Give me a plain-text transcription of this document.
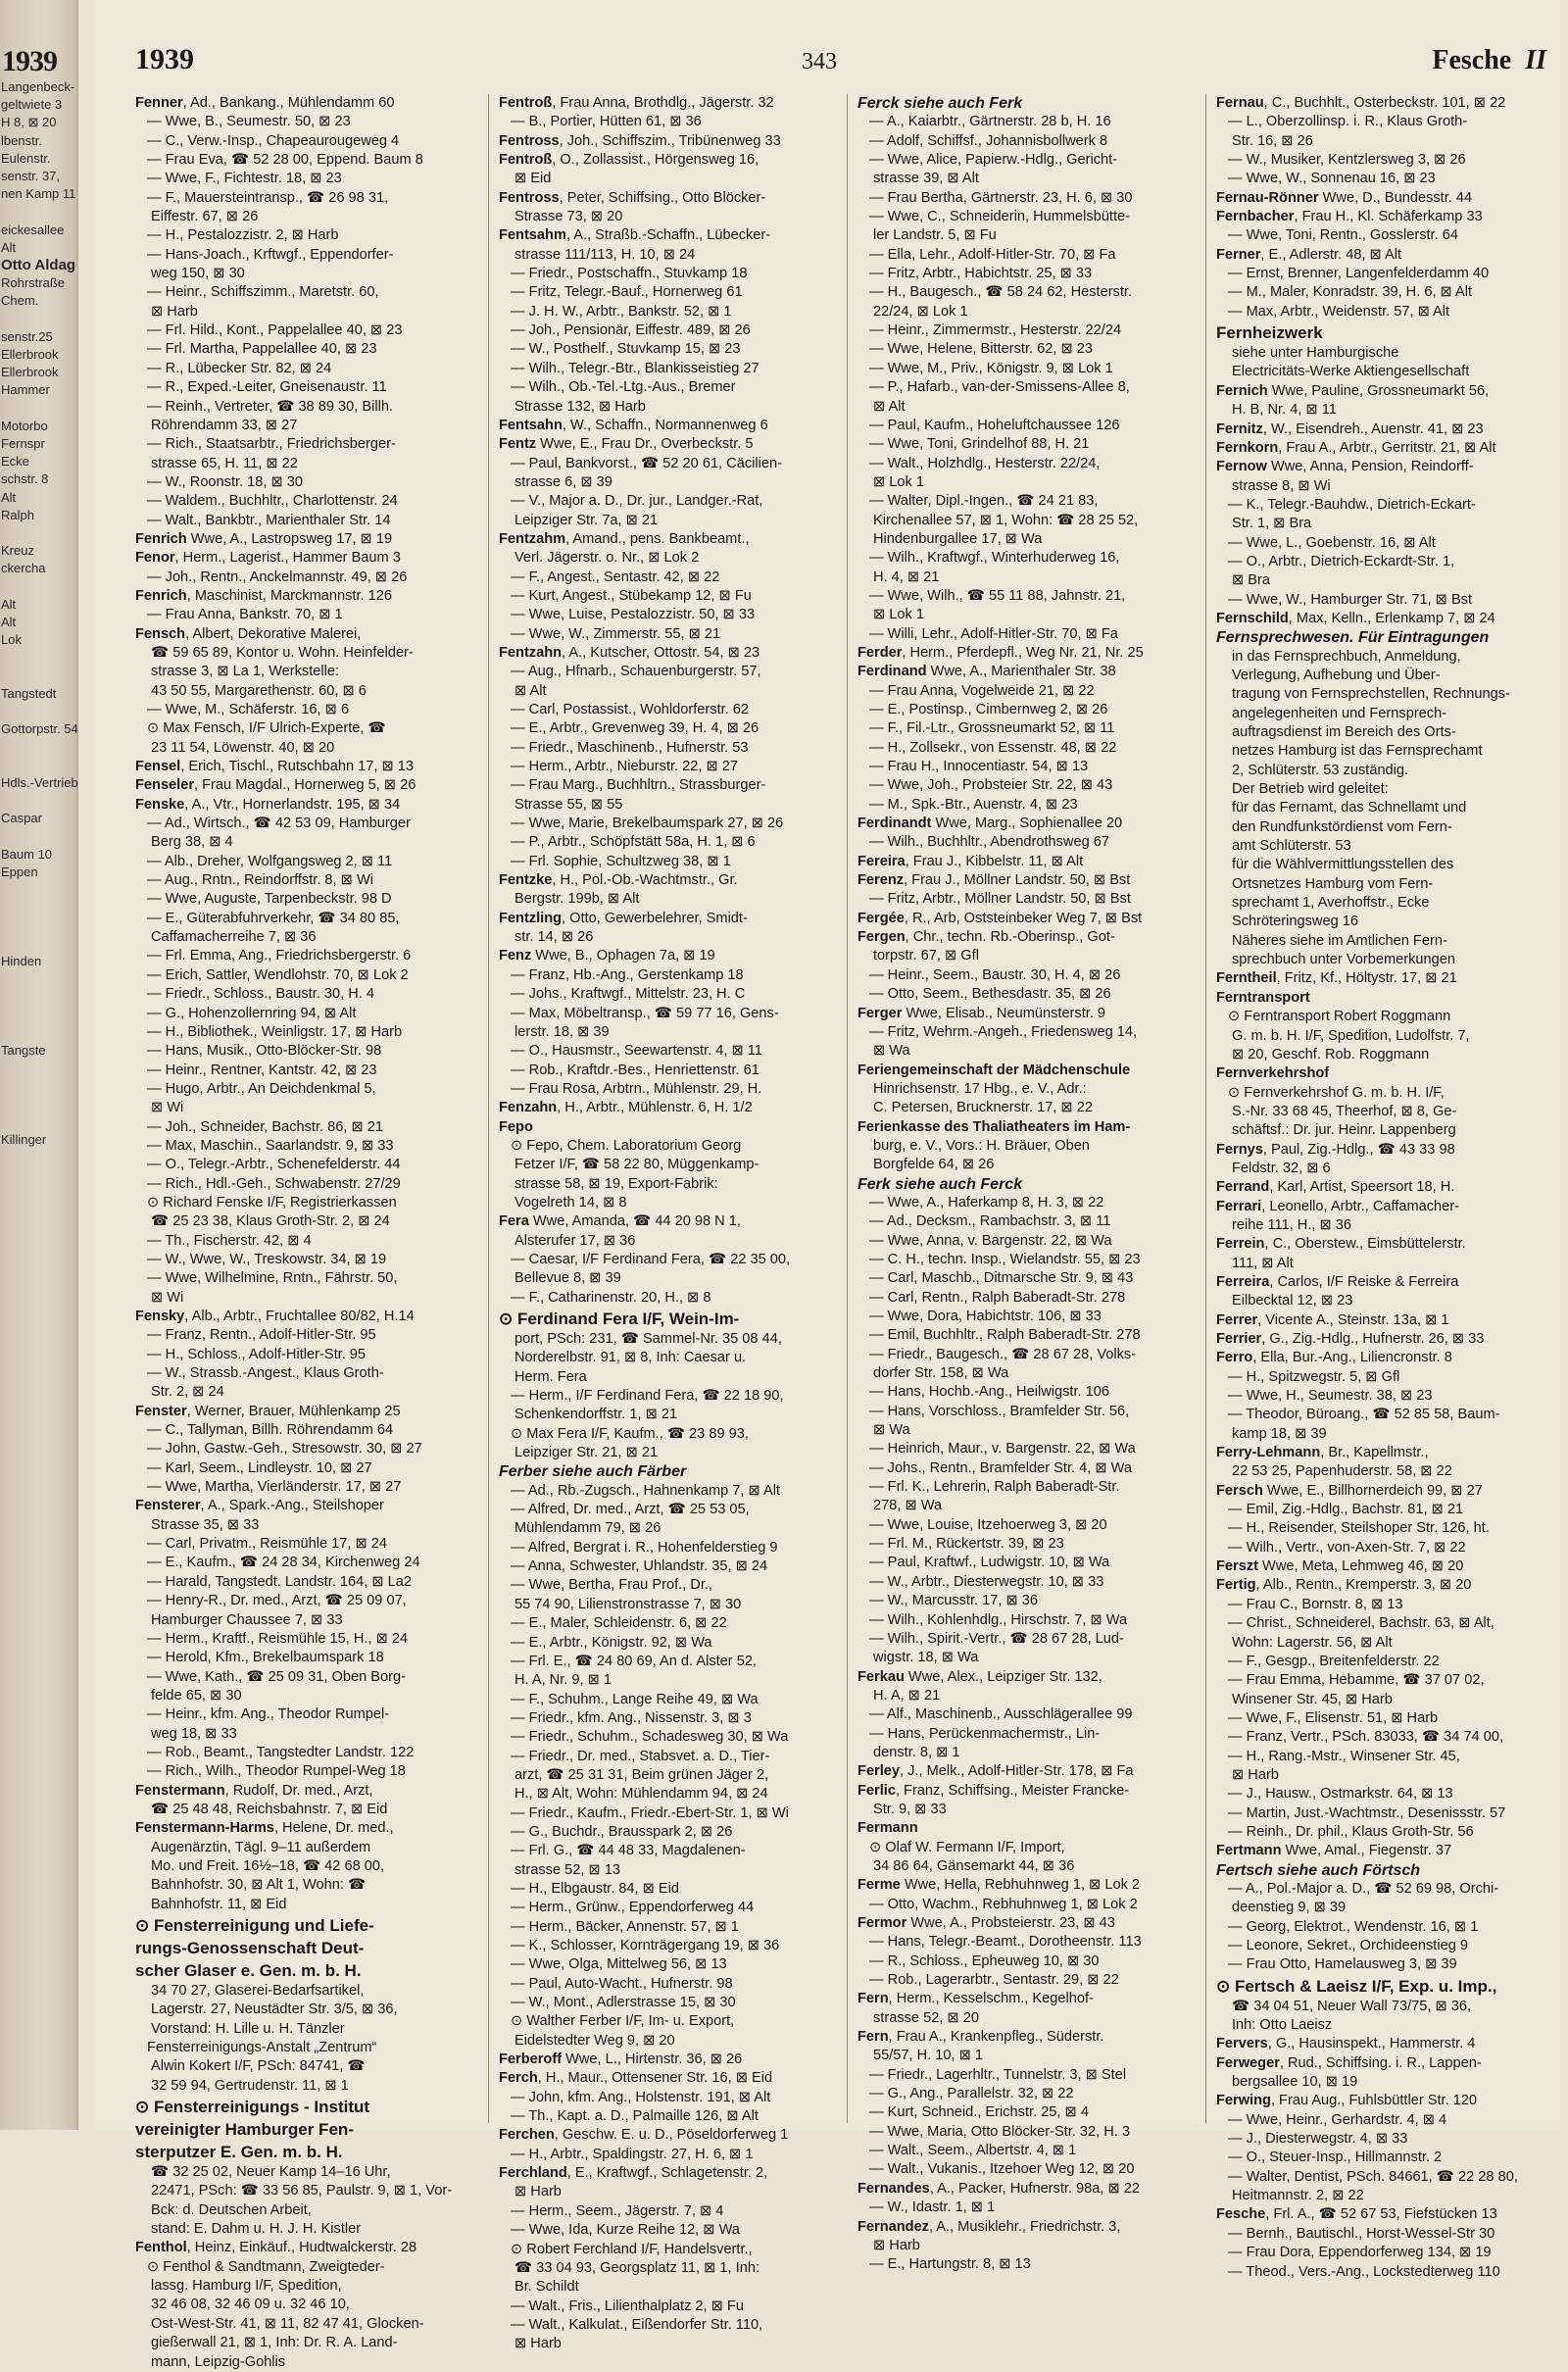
1939
Langenbeck-
geltwiete 3
H 8, ⊠ 20
lbenstr.
Eulenstr.
senstr. 37,
nen Kamp 11

eickesallee
Alt
Otto Aldag
Rohrstraße
Chem.

senstr.25
Ellerbrook
Ellerbrook
Hammer

Motorbo
Fernspr
Ecke
schstr. 8
Alt
Ralph

Kreuz
ckercha

Alt
Alt
Lok

Tangstedt

Gottorpstr. 54

Hdls.-Vertrieb

Caspar

Baum 10
Eppen

Hinden

Tangste

Killinger
1939	343	Fesche II
Fenner, Ad., Bankang., Mühlendamm 60
— Wwe, B., Seumestr. 50, ⊠ 23
— C., Verw.-Insp., Chapeaurougeweg 4
— Frau Eva, ☎ 52 28 00, Eppend. Baum 8
— Wwe, F., Fichtestr. 18, ⊠ 23
— F., Mauersteintransp., ☎ 26 98 31,
Eiffestr. 67, ⊠ 26
— H., Pestalozzistr. 2, ⊠ Harb
— Hans-Joach., Krftwgf., Eppendorfer-
weg 150, ⊠ 30
— Heinr., Schiffszimm., Maretstr. 60,
⊠ Harb
— Frl. Hild., Kont., Pappelallee 40, ⊠ 23
— Frl. Martha, Pappelallee 40, ⊠ 23
— R., Lübecker Str. 82, ⊠ 24
— R., Exped.-Leiter, Gneisenaustr. 11
— Reinh., Vertreter, ☎ 38 89 30, Billh.
Röhrendamm 33, ⊠ 27
— Rich., Staatsarbtr., Friedrichsberger-
strasse 65, H. 11, ⊠ 22
— W., Roonstr. 18, ⊠ 30
— Waldem., Buchhltr., Charlottenstr. 24
— Walt., Bankbtr., Marienthaler Str. 14
Fenrich Wwe, A., Lastropsweg 17, ⊠ 19
Fenor, Herm., Lagerist., Hammer Baum 3
— Joh., Rentn., Anckelmannstr. 49, ⊠ 26
Fenrich, Maschinist, Marckmannstr. 126
— Frau Anna, Bankstr. 70, ⊠ 1
Fensch, Albert, Dekorative Malerei,
☎ 59 65 89, Kontor u. Wohn. Heinfelder-
strasse 3, ⊠ La 1, Werkstelle:
43 50 55, Margarethenstr. 60, ⊠ 6
— Wwe, M., Schäferstr. 16, ⊠ 6
⊙ Max Fensch, I/F Ulrich-Experte, ☎
23 11 54, Löwenstr. 40, ⊠ 20
Fensel, Erich, Tischl., Rutschbahn 17, ⊠ 13
Fenseler, Frau Magdal., Hornerweg 5, ⊠ 26
Fenske, A., Vtr., Hornerlandstr. 195, ⊠ 34
— Ad., Wirtsch., ☎ 42 53 09, Hamburger
Berg 38, ⊠ 4
— Alb., Dreher, Wolfgangsweg 2, ⊠ 11
— Aug., Rntn., Reindorffstr. 8, ⊠ Wi
— Wwe, Auguste, Tarpenbeckstr. 98 D
— E., Güterabfuhrverkehr, ☎ 34 80 85,
Caffamacherreihe 7, ⊠ 36
— Frl. Emma, Ang., Friedrichsbergerstr. 6
— Erich, Sattler, Wendlohstr. 70, ⊠ Lok 2
— Friedr., Schloss., Baustr. 30, H. 4
— G., Hohenzollernring 94, ⊠ Alt
— H., Bibliothek., Weinligstr. 17, ⊠ Harb
— Hans, Musik., Otto-Blöcker-Str. 98
— Heinr., Rentner, Kantstr. 42, ⊠ 23
— Hugo, Arbtr., An Deichdenkmal 5,
⊠ Wi
— Joh., Schneider, Bachstr. 86, ⊠ 21
— Max, Maschin., Saarlandstr. 9, ⊠ 33
— O., Telegr.-Arbtr., Schenefelderstr. 44
— Rich., Hdl.-Geh., Schwabenstr. 27/29
⊙ Richard Fenske I/F, Registrierkassen
☎ 25 23 38, Klaus Groth-Str. 2, ⊠ 24
— Th., Fischerstr. 42, ⊠ 4
— W., Wwe, W., Treskowstr. 34, ⊠ 19
— Wwe, Wilhelmine, Rntn., Fährstr. 50,
⊠ Wi
Fensky, Alb., Arbtr., Fruchtallee 80/82, H.14
— Franz, Rentn., Adolf-Hitler-Str. 95
— H., Schloss., Adolf-Hitler-Str. 95
— W., Strassb.-Angest., Klaus Groth-
Str. 2, ⊠ 24
Fenster, Werner, Brauer, Mühlenkamp 25
— C., Tallyman, Billh. Röhrendamm 64
— John, Gastw.-Geh., Stresowstr. 30, ⊠ 27
— Karl, Seem., Lindleystr. 10, ⊠ 27
— Wwe, Martha, Vierländerstr. 17, ⊠ 27
Fensterer, A., Spark.-Ang., Steilshoper
Strasse 35, ⊠ 33
— Carl, Privatm., Reismühle 17, ⊠ 24
— E., Kaufm., ☎ 24 28 34, Kirchenweg 24
— Harald, Tangstedt. Landstr. 164, ⊠ La2
— Henry-R., Dr. med., Arzt, ☎ 25 09 07,
Hamburger Chaussee 7, ⊠ 33
— Herm., Kraftf., Reismühle 15, H., ⊠ 24
— Herold, Kfm., Brekelbaumspark 18
— Wwe, Kath., ☎ 25 09 31, Oben Borg-
felde 65, ⊠ 30
— Heinr., kfm. Ang., Theodor Rumpel-
weg 18, ⊠ 33
— Rob., Beamt., Tangstedter Landstr. 122
— Rich., Wilh., Theodor Rumpel-Weg 18
Fenstermann, Rudolf, Dr. med., Arzt,
☎ 25 48 48, Reichsbahnstr. 7, ⊠ Eid
Fenstermann-Harms, Helene, Dr. med.,
Augenärztin, Tägl. 9–11 außerdem
Mo. und Freit. 16½–18, ☎ 42 68 00,
Bahnhofstr. 30, ⊠ Alt 1, Wohn: ☎
Bahnhofstr. 11, ⊠ Eid
⊙ Fensterreinigung und Liefe-
rungs-Genossenschaft Deut-
scher Glaser e. Gen. m. b. H.
34 70 27, Glaserei-Bedarfsartikel,
Lagerstr. 27, Neustädter Str. 3/5, ⊠ 36,
Vorstand: H. Lille u. H. Tänzler
Fensterreinigungs-Anstalt „Zentrum“
Alwin Kokert I/F, PSch: 84741, ☎
32 59 94, Gertrudenstr. 11, ⊠ 1
⊙ Fensterreinigungs - Institut
vereinigter Hamburger Fen-
sterputzer E. Gen. m. b. H.
☎ 32 25 02, Neuer Kamp 14–16 Uhr,
22471, PSch: ☎ 33 56 85, Paulstr. 9, ⊠ 1, Vor-
Bck: d. Deutschen Arbeit,
stand: E. Dahm u. H. J. H. Kistler
Fenthol, Heinz, Einkäuf., Hudtwalckerstr. 28
⊙ Fenthol & Sandtmann, Zweigteder-
lassg. Hamburg I/F, Spedition,
32 46 08, 32 46 09 u. 32 46 10,
Ost-West-Str. 41, ⊠ 11, 82 47 41, Glocken-
gießerwall 21, ⊠ 1, Inh: Dr. R. A. Land-
mann, Leipzig-Gohlis
Fentroß, Frau Anna, Brothdlg., Jägerstr. 32
— B., Portier, Hütten 61, ⊠ 36
Fentross, Joh., Schiffszim., Tribünenweg 33
Fentroß, O., Zollassist., Hörgensweg 16,
⊠ Eid
Fentross, Peter, Schiffsing., Otto Blöcker-
Strasse 73, ⊠ 20
Fentsahm, A., Straßb.-Schaffn., Lübecker-
strasse 111/113, H. 10, ⊠ 24
— Friedr., Postschaffn., Stuvkamp 18
— Fritz, Telegr.-Bauf., Hornerweg 61
— J. H. W., Arbtr., Bankstr. 52, ⊠ 1
— Joh., Pensionär, Eiffestr. 489, ⊠ 26
— W., Posthelf., Stuvkamp 15, ⊠ 23
— Wilh., Telegr.-Btr., Blankisseistieg 27
— Wilh., Ob.-Tel.-Ltg.-Aus., Bremer
Strasse 132, ⊠ Harb
Fentsahn, W., Schaffn., Normannenweg 6
Fentz Wwe, E., Frau Dr., Overbeckstr. 5
— Paul, Bankvorst., ☎ 52 20 61, Cäcilien-
strasse 6, ⊠ 39
— V., Major a. D., Dr. jur., Landger.-Rat,
Leipziger Str. 7a, ⊠ 21
Fentzahm, Amand., pens. Bankbeamt.,
Verl. Jägerstr. o. Nr., ⊠ Lok 2
— F., Angest., Sentastr. 42, ⊠ 22
— Kurt, Angest., Stübekamp 12, ⊠ Fu
— Wwe, Luise, Pestalozzistr. 50, ⊠ 33
— Wwe, W., Zimmerstr. 55, ⊠ 21
Fentzahn, A., Kutscher, Ottostr. 54, ⊠ 23
— Aug., Hfnarb., Schauenburgerstr. 57,
⊠ Alt
— Carl, Postassist., Wohldorferstr. 62
— E., Arbtr., Grevenweg 39, H. 4, ⊠ 26
— Friedr., Maschinenb., Hufnerstr. 53
— Herm., Arbtr., Nieburstr. 22, ⊠ 27
— Frau Marg., Buchhltrn., Strassburger-
Strasse 55, ⊠ 55
— Wwe, Marie, Brekelbaumspark 27, ⊠ 26
— P., Arbtr., Schöpfstätt 58a, H. 1, ⊠ 6
— Frl. Sophie, Schultzweg 38, ⊠ 1
Fentzke, H., Pol.-Ob.-Wachtmstr., Gr.
Bergstr. 199b, ⊠ Alt
Fentzling, Otto, Gewerbelehrer, Smidt-
str. 14, ⊠ 26
Fenz Wwe, B., Ophagen 7a, ⊠ 19
— Franz, Hb.-Ang., Gerstenkamp 18
— Johs., Kraftwgf., Mittelstr. 23, H. C
— Max, Möbeltransp., ☎ 59 77 16, Gens-
lerstr. 18, ⊠ 39
— O., Hausmstr., Seewartenstr. 4, ⊠ 11
— Rob., Kraftdr.-Bes., Henriettenstr. 61
— Frau Rosa, Arbtrn., Mühlenstr. 29, H.
Fenzahn, H., Arbtr., Mühlenstr. 6, H. 1/2
Fepo
⊙ Fepo, Chem. Laboratorium Georg
Fetzer I/F, ☎ 58 22 80, Müggenkamp-
strasse 58, ⊠ 19, Export-Fabrik:
Vogelreth 14, ⊠ 8
Fera Wwe, Amanda, ☎ 44 20 98 N 1,
Alsterufer 17, ⊠ 36
— Caesar, I/F Ferdinand Fera, ☎ 22 35 00,
Bellevue 8, ⊠ 39
— F., Catharinenstr. 20, H., ⊠ 8
⊙ Ferdinand Fera I/F, Wein-Im-
port, PSch: 231, ☎ Sammel-Nr. 35 08 44,
Norderelbstr. 91, ⊠ 8, Inh: Caesar u.
Herm. Fera
— Herm., I/F Ferdinand Fera, ☎ 22 18 90,
Schenkendorffstr. 1, ⊠ 21
⊙ Max Fera I/F, Kaufm., ☎ 23 89 93,
Leipziger Str. 21, ⊠ 21
Ferber siehe auch Färber
— Ad., Rb.-Zugsch., Hahnenkamp 7, ⊠ Alt
— Alfred, Dr. med., Arzt, ☎ 25 53 05,
Mühlendamm 79, ⊠ 26
— Alfred, Bergrat i. R., Hohenfelderstieg 9
— Anna, Schwester, Uhlandstr. 35, ⊠ 24
— Wwe, Bertha, Frau Prof., Dr.,
55 74 90, Lilienstronstrasse 7, ⊠ 30
— E., Maler, Schleidenstr. 6, ⊠ 22
— E., Arbtr., Königstr. 92, ⊠ Wa
— Frl. E., ☎ 24 80 69, An d. Alster 52,
H. A, Nr. 9, ⊠ 1
— F., Schuhm., Lange Reihe 49, ⊠ Wa
— Friedr., kfm. Ang., Nissenstr. 3, ⊠ 3
— Friedr., Schuhm., Schadesweg 30, ⊠ Wa
— Friedr., Dr. med., Stabsvet. a. D., Tier-
arzt, ☎ 25 31 31, Beim grünen Jäger 2,
H., ⊠ Alt, Wohn: Mühlendamm 94, ⊠ 24
— Friedr., Kaufm., Friedr.-Ebert-Str. 1, ⊠ Wi
— G., Buchdr., Brausspark 2, ⊠ 26
— Frl. G., ☎ 44 48 33, Magdalenen-
strasse 52, ⊠ 13
— H., Elbgaustr. 84, ⊠ Eid
— Herm., Grünw., Eppendorferweg 44
— Herm., Bäcker, Annenstr. 57, ⊠ 1
— K., Schlosser, Kornträgergang 19, ⊠ 36
— Wwe, Olga, Mittelweg 56, ⊠ 13
— Paul, Auto-Wacht., Hufnerstr. 98
— W., Mont., Adlerstrasse 15, ⊠ 30
⊙ Walther Ferber I/F, Im- u. Export,
Eidelstedter Weg 9, ⊠ 20
Ferberoff Wwe, L., Hirtenstr. 36, ⊠ 26
Ferch, H., Maur., Ottensener Str. 16, ⊠ Eid
— John, kfm. Ang., Holstenstr. 191, ⊠ Alt
— Th., Kapt. a. D., Palmaille 126, ⊠ Alt
Ferchen, Geschw. E. u. D., Pöseldorferweg 1
— H., Arbtr., Spaldingstr. 27, H. 6, ⊠ 1
Ferchland, E., Kraftwgf., Schlagetenstr. 2,
⊠ Harb
— Herm., Seem., Jägerstr. 7, ⊠ 4
— Wwe, Ida, Kurze Reihe 12, ⊠ Wa
⊙ Robert Ferchland I/F, Handelsvertr.,
☎ 33 04 93, Georgsplatz 11, ⊠ 1, Inh:
Br. Schildt
— Walt., Fris., Lilienthalplatz 2, ⊠ Fu
— Walt., Kalkulat., Eißendorfer Str. 110,
⊠ Harb
Ferck siehe auch Ferk
— A., Kaiarbtr., Gärtnerstr. 28 b, H. 16
— Adolf, Schiffsf., Johannisbollwerk 8
— Wwe, Alice, Papierw.-Hdlg., Gericht-
strasse 39, ⊠ Alt
— Frau Bertha, Gärtnerstr. 23, H. 6, ⊠ 30
— Wwe, C., Schneiderin, Hummelsbütte-
ler Landstr. 5, ⊠ Fu
— Ella, Lehr., Adolf-Hitler-Str. 70, ⊠ Fa
— Fritz, Arbtr., Habichtstr. 25, ⊠ 33
— H., Baugesch., ☎ 58 24 62, Hesterstr.
22/24, ⊠ Lok 1
— Heinr., Zimmermstr., Hesterstr. 22/24
— Wwe, Helene, Bitterstr. 62, ⊠ 23
— Wwe, M., Priv., Königstr. 9, ⊠ Lok 1
— P., Hafarb., van-der-Smissens-Allee 8,
⊠ Alt
— Paul, Kaufm., Hoheluftchaussee 126
— Wwe, Toni, Grindelhof 88, H. 21
— Walt., Holzhdlg., Hesterstr. 22/24,
⊠ Lok 1
— Walter, Dipl.-Ingen., ☎ 24 21 83,
Kirchenallee 57, ⊠ 1, Wohn: ☎ 28 25 52,
Hindenburgallee 17, ⊠ Wa
— Wilh., Kraftwgf., Winterhuderweg 16,
H. 4, ⊠ 21
— Wwe, Wilh., ☎ 55 11 88, Jahnstr. 21,
⊠ Lok 1
— Willi, Lehr., Adolf-Hitler-Str. 70, ⊠ Fa
Ferder, Herm., Pferdepfl., Weg Nr. 21, Nr. 25
Ferdinand Wwe, A., Marienthaler Str. 38
— Frau Anna, Vogelweide 21, ⊠ 22
— E., Postinsp., Cimbernweg 2, ⊠ 26
— F., Fil.-Ltr., Grossneumarkt 52, ⊠ 11
— H., Zollsekr., von Essenstr. 48, ⊠ 22
— Frau H., Innocentiastr. 54, ⊠ 13
— Wwe, Joh., Probsteier Str. 22, ⊠ 43
— M., Spk.-Btr., Auenstr. 4, ⊠ 23
Ferdinandt Wwe, Marg., Sophienallee 20
— Wilh., Buchhltr., Abendrothsweg 67
Fereira, Frau J., Kibbelstr. 11, ⊠ Alt
Ferenz, Frau J., Möllner Landstr. 50, ⊠ Bst
— Fritz, Arbtr., Möllner Landstr. 50, ⊠ Bst
Fergée, R., Arb, Oststeinbeker Weg 7, ⊠ Bst
Fergen, Chr., techn. Rb.-Oberinsp., Got-
torpstr. 67, ⊠ Gfl
— Heinr., Seem., Baustr. 30, H. 4, ⊠ 26
— Otto, Seem., Bethesdastr. 35, ⊠ 26
Ferger Wwe, Elisab., Neumünsterstr. 9
— Fritz, Wehrm.-Angeh., Friedensweg 14,
⊠ Wa
Feriengemeinschaft der Mädchenschule
Hinrichsenstr. 17 Hbg., e. V., Adr.:
C. Petersen, Brucknerstr. 17, ⊠ 22
Ferienkasse des Thaliatheaters im Ham-
burg, e. V., Vors.: H. Bräuer, Oben
Borgfelde 64, ⊠ 26
Ferk siehe auch Ferck
— Wwe, A., Haferkamp 8, H. 3, ⊠ 22
— Ad., Decksm., Rambachstr. 3, ⊠ 11
— Wwe, Anna, v. Bargenstr. 22, ⊠ Wa
— C. H., techn. Insp., Wielandstr. 55, ⊠ 23
— Carl, Maschb., Ditmarsche Str. 9, ⊠ 43
— Carl, Rentn., Ralph Baberadt-Str. 278
— Wwe, Dora, Habichtstr. 106, ⊠ 33
— Emil, Buchhltr., Ralph Baberadt-Str. 278
— Friedr., Baugesch., ☎ 28 67 28, Volks-
dorfer Str. 158, ⊠ Wa
— Hans, Hochb.-Ang., Heilwigstr. 106
— Hans, Vorschloss., Bramfelder Str. 56,
⊠ Wa
— Heinrich, Maur., v. Bargenstr. 22, ⊠ Wa
— Johs., Rentn., Bramfelder Str. 4, ⊠ Wa
— Frl. K., Lehrerin, Ralph Baberadt-Str.
278, ⊠ Wa
— Wwe, Louise, Itzehoerweg 3, ⊠ 20
— Frl. M., Rückertstr. 39, ⊠ 23
— Paul, Kraftwf., Ludwigstr. 10, ⊠ Wa
— W., Arbtr., Diesterwegstr. 10, ⊠ 33
— W., Marcusstr. 17, ⊠ 36
— Wilh., Kohlenhdlg., Hirschstr. 7, ⊠ Wa
— Wilh., Spirit.-Vertr., ☎ 28 67 28, Lud-
wigstr. 18, ⊠ Wa
Ferkau Wwe, Alex., Leipziger Str. 132,
H. A, ⊠ 21
— Alf., Maschinenb., Ausschlägerallee 99
— Hans, Perückenmachermstr., Lin-
denstr. 8, ⊠ 1
Ferley, J., Melk., Adolf-Hitler-Str. 178, ⊠ Fa
Ferlic, Franz, Schiffsing., Meister Francke-
Str. 9, ⊠ 33
Fermann
⊙ Olaf W. Fermann I/F, Import,
34 86 64, Gänsemarkt 44, ⊠ 36
Ferme Wwe, Hella, Rebhuhnweg 1, ⊠ Lok 2
— Otto, Wachm., Rebhuhnweg 1, ⊠ Lok 2
Fermor Wwe, A., Probsteierstr. 23, ⊠ 43
— Hans, Telegr.-Beamt., Dorotheenstr. 113
— R., Schloss., Epheuweg 10, ⊠ 30
— Rob., Lagerarbtr., Sentastr. 29, ⊠ 22
Fern, Herm., Kesselschm., Kegelhof-
strasse 52, ⊠ 20
Fern, Frau A., Krankenpfleg., Süderstr.
55/57, H. 10, ⊠ 1
— Friedr., Lagerhltr., Tunnelstr. 3, ⊠ Stel
— G., Ang., Parallelstr. 32, ⊠ 22
— Kurt, Schneid., Erichstr. 25, ⊠ 4
— Wwe, Maria, Otto Blöcker-Str. 32, H. 3
— Walt., Seem., Albertstr. 4, ⊠ 1
— Walt., Vukanis., Itzehoer Weg 12, ⊠ 20
Fernandes, A., Packer, Hufnerstr. 98a, ⊠ 22
— W., Idastr. 1, ⊠ 1
Fernandez, A., Musiklehr., Friedrichstr. 3,
⊠ Harb
— E., Hartungstr. 8, ⊠ 13
Fernau, C., Buchhlt., Osterbeckstr. 101, ⊠ 22
— L., Oberzollinsp. i. R., Klaus Groth-
Str. 16, ⊠ 26
— W., Musiker, Kentzlersweg 3, ⊠ 26
— Wwe, W., Sonnenau 16, ⊠ 23
Fernau-Rönner Wwe, D., Bundesstr. 44
Fernbacher, Frau H., Kl. Schäferkamp 33
— Wwe, Toni, Rentn., Gosslerstr. 64
Ferner, E., Adlerstr. 48, ⊠ Alt
— Ernst, Brenner, Langenfelderdamm 40
— M., Maler, Konradstr. 39, H. 6, ⊠ Alt
— Max, Arbtr., Weidenstr. 57, ⊠ Alt
Fernheizwerk
siehe unter Hamburgische
Electricitäts-Werke Aktiengesellschaft
Fernich Wwe, Pauline, Grossneumarkt 56,
H. B, Nr. 4, ⊠ 11
Fernitz, W., Eisendreh., Auenstr. 41, ⊠ 23
Fernkorn, Frau A., Arbtr., Gerritstr. 21, ⊠ Alt
Fernow Wwe, Anna, Pension, Reindorff-
strasse 8, ⊠ Wi
— K., Telegr.-Bauhdw., Dietrich-Eckart-
Str. 1, ⊠ Bra
— Wwe, L., Goebenstr. 16, ⊠ Alt
— O., Arbtr., Dietrich-Eckardt-Str. 1,
⊠ Bra
— Wwe, W., Hamburger Str. 71, ⊠ Bst
Fernschild, Max, Kelln., Erlenkamp 7, ⊠ 24
Fernsprechwesen. Für Eintragungen
in das Fernsprechbuch, Anmeldung,
Verlegung, Aufhebung und Über-
tragung von Fernsprechstellen, Rechnungs-
angelegenheiten und Fernsprech-
auftragsdienst im Bereich des Orts-
netzes Hamburg ist das Fernsprechamt
2, Schlüterstr. 53 zuständig.
Der Betrieb wird geleitet:
für das Fernamt, das Schnellamt und
den Rundfunkstördienst vom Fern-
amt Schlüterstr. 53
für die Wählvermittlungsstellen des
Ortsnetzes Hamburg vom Fern-
sprechamt 1, Averhoffstr., Ecke
Schröteringsweg 16
Näheres siehe im Amtlichen Fern-
sprechbuch unter Vorbemerkungen
Ferntheil, Fritz, Kf., Höltystr. 17, ⊠ 21
Ferntransport
⊙ Ferntransport Robert Roggmann
G. m. b. H. I/F, Spedition, Ludolfstr. 7,
⊠ 20, Geschf. Rob. Roggmann
Fernverkehrshof
⊙ Fernverkehrshof G. m. b. H. I/F,
S.-Nr. 33 68 45, Theerhof, ⊠ 8, Ge-
schäftsf.: Dr. jur. Heinr. Lappenberg
Fernys, Paul, Zig.-Hdlg., ☎ 43 33 98
Feldstr. 32, ⊠ 6
Ferrand, Karl, Artist, Speersort 18, H.
Ferrari, Leonello, Arbtr., Caffamacher-
reihe 111, H., ⊠ 36
Ferrein, C., Oberstew., Eimsbüttelerstr.
111, ⊠ Alt
Ferreira, Carlos, I/F Reiske & Ferreira
Eilbecktal 12, ⊠ 23
Ferrer, Vicente A., Steinstr. 13a, ⊠ 1
Ferrier, G., Zig.-Hdlg., Hufnerstr. 26, ⊠ 33
Ferro, Ella, Bur.-Ang., Liliencronstr. 8
— H., Spitzwegstr. 5, ⊠ Gfl
— Wwe, H., Seumestr. 38, ⊠ 23
— Theodor, Büroang., ☎ 52 85 58, Baum-
kamp 18, ⊠ 39
Ferry-Lehmann, Br., Kapellmstr.,
22 53 25, Papenhuderstr. 58, ⊠ 22
Fersch Wwe, E., Billhornerdeich 99, ⊠ 27
— Emil, Zig.-Hdlg., Bachstr. 81, ⊠ 21
— H., Reisender, Steilshoper Str. 126, ht.
— Wilh., Vertr., von-Axen-Str. 7, ⊠ 22
Ferszt Wwe, Meta, Lehmweg 46, ⊠ 20
Fertig, Alb., Rentn., Kremperstr. 3, ⊠ 20
— Frau C., Bornstr. 8, ⊠ 13
— Christ., Schneiderel, Bachstr. 63, ⊠ Alt,
Wohn: Lagerstr. 56, ⊠ Alt
— F., Gesgp., Breitenfelderstr. 22
— Frau Emma, Hebamme, ☎ 37 07 02,
Winsener Str. 45, ⊠ Harb
— Wwe, F., Elisenstr. 51, ⊠ Harb
— Franz, Vertr., PSch. 83033, ☎ 34 74 00,
— H., Rang.-Mstr., Winsener Str. 45,
⊠ Harb
— J., Hausw., Ostmarkstr. 64, ⊠ 13
— Martin, Just.-Wachtmstr., Desenissstr. 57
— Reinh., Dr. phil., Klaus Groth-Str. 56
Fertmann Wwe, Amal., Fiegenstr. 37
Fertsch siehe auch Förtsch
— A., Pol.-Major a. D., ☎ 52 69 98, Orchi-
deenstieg 9, ⊠ 39
— Georg, Elektrot., Wendenstr. 16, ⊠ 1
— Leonore, Sekret., Orchideenstieg 9
— Frau Otto, Hamelausweg 3, ⊠ 39
⊙ Fertsch & Laeisz I/F, Exp. u. Imp.,
☎ 34 04 51, Neuer Wall 73/75, ⊠ 36,
Inh: Otto Laeisz
Fervers, G., Hausinspekt., Hammerstr. 4
Ferweger, Rud., Schiffsing. i. R., Lappen-
bergsallee 10, ⊠ 19
Ferwing, Frau Aug., Fuhlsbüttler Str. 120
— Wwe, Heinr., Gerhardstr. 4, ⊠ 4
— J., Diesterwegstr. 4, ⊠ 33
— O., Steuer-Insp., Hillmannstr. 2
— Walter, Dentist, PSch. 84661, ☎ 22 28 80,
Heitmannstr. 2, ⊠ 22
Fesche, Frl. A., ☎ 52 67 53, Fiefstücken 13
— Bernh., Bautischl., Horst-Wessel-Str 30
— Frau Dora, Eppendorferweg 134, ⊠ 19
— Theod., Vers.-Ang., Lockstedterweg 110
